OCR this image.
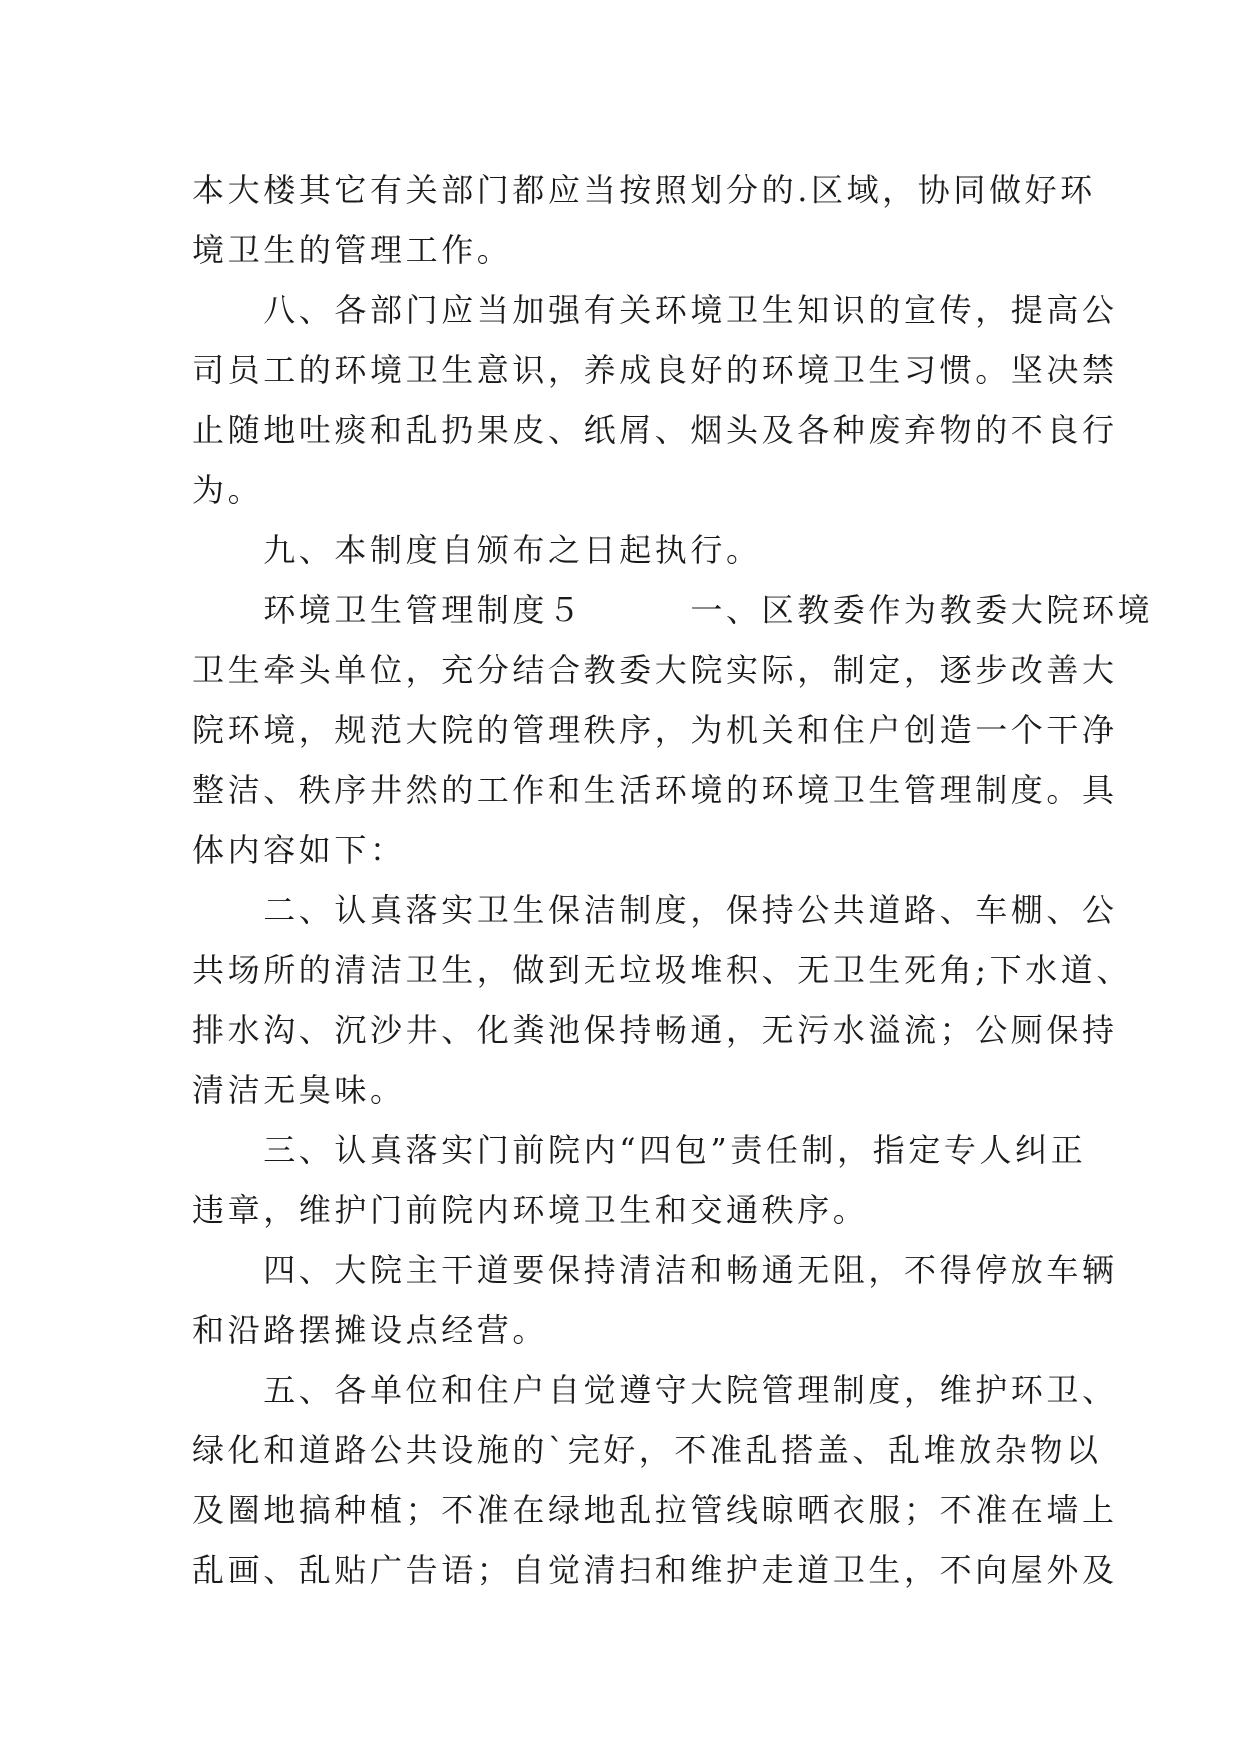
本大楼其它有关部门都应当按照划分的.区域，协同做好环
境卫生的管理工作。
　　八、各部门应当加强有关环境卫生知识的宣传，提高公
司员工的环境卫生意识，养成良好的环境卫生习惯。坚决禁
止随地吐痰和乱扔果皮、纸屑、烟头及各种废弃物的不良行
为。
　　九、本制度自颁布之日起执行。
　　环境卫生管理制度５　　　一、区教委作为教委大院环境
卫生牵头单位，充分结合教委大院实际，制定，逐步改善大
院环境，规范大院的管理秩序，为机关和住户创造一个干净
整洁、秩序井然的工作和生活环境的环境卫生管理制度。具
体内容如下：
　　二、认真落实卫生保洁制度，保持公共道路、车棚、公
共场所的清洁卫生，做到无垃圾堆积、无卫生死角;下水道、
排水沟、沉沙井、化粪池保持畅通，无污水溢流；公厕保持
清洁无臭味。
　　三、认真落实门前院内“四包”责任制，指定专人纠正
违章，维护门前院内环境卫生和交通秩序。
　　四、大院主干道要保持清洁和畅通无阻，不得停放车辆
和沿路摆摊设点经营。
　　五、各单位和住户自觉遵守大院管理制度，维护环卫、
绿化和道路公共设施的`完好，不准乱搭盖、乱堆放杂物以
及圈地搞种植；不准在绿地乱拉管线晾晒衣服；不准在墙上
乱画、乱贴广告语；自觉清扫和维护走道卫生，不向屋外及
